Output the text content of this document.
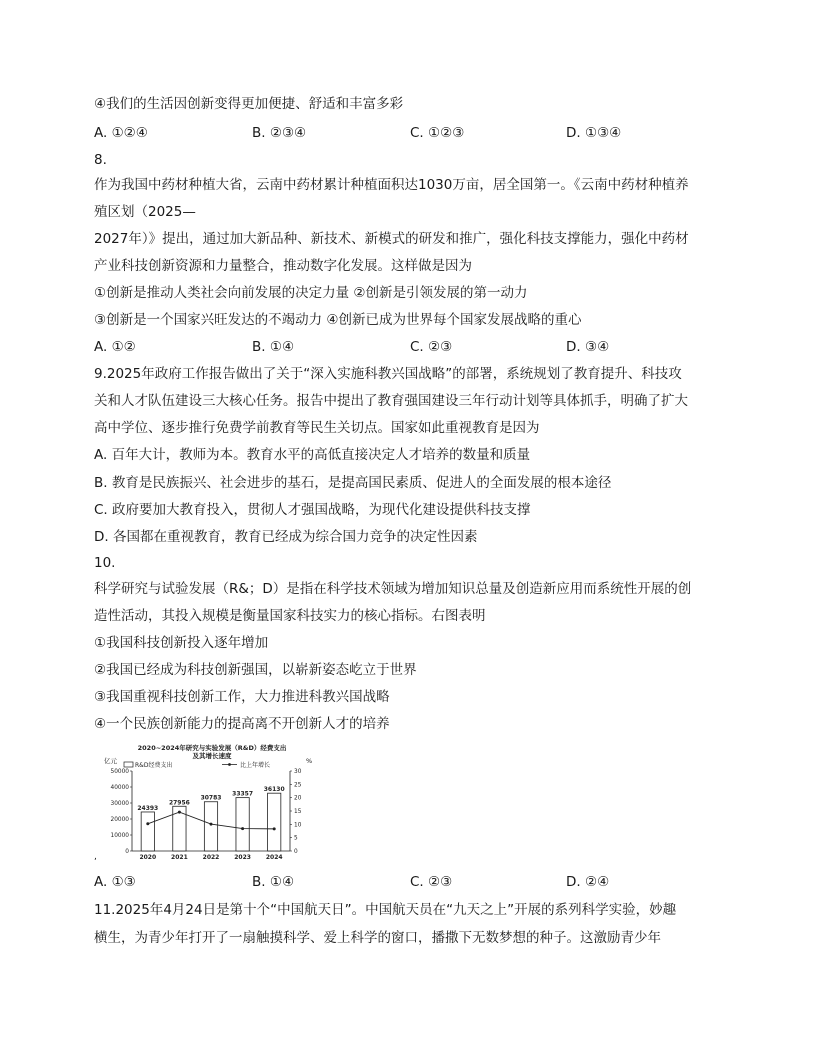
④我们的生活因创新变得更加便捷、舒适和丰富多彩
A. ①②④	B. ②③④	C. ①②③	D. ①③④
8.
作为我国中药材种植大省，云南中药材累计种植面积达1030万亩，居全国第一。《云南中药材种植养
殖区划（2025—
2027年）》提出，通过加大新品种、新技术、新模式的研发和推广，强化科技支撑能力，强化中药材
产业科技创新资源和力量整合，推动数字化发展。这样做是因为
①创新是推动人类社会向前发展的决定力量 ②创新是引领发展的第一动力
③创新是一个国家兴旺发达的不竭动力 ④创新已成为世界每个国家发展战略的重心
A. ①②	B. ①④	C. ②③	D. ③④
9.2025年政府工作报告做出了关于“深入实施科教兴国战略”的部署，系统规划了教育提升、科技攻
关和人才队伍建设三大核心任务。报告中提出了教育强国建设三年行动计划等具体抓手，明确了扩大
高中学位、逐步推行免费学前教育等民生关切点。国家如此重视教育是因为
A. 百年大计，教师为本。教育水平的高低直接决定人才培养的数量和质量
B. 教育是民族振兴、社会进步的基石，是提高国民素质、促进人的全面发展的根本途径
C. 政府要加大教育投入，贯彻人才强国战略，为现代化建设提供科技支撑
D. 各国都在重视教育，教育已经成为综合国力竞争的决定性因素
10.
科学研究与试验发展（R&；D）是指在科学技术领域为增加知识总量及创造新应用而系统性开展的创
造性活动，其投入规模是衡量国家科技实力的核心指标。右图表明
①我国科技创新投入逐年增加
②我国已经成为科技创新强国，以崭新姿态屹立于世界
③我国重视科技创新工作，大力推进科教兴国战略
④一个民族创新能力的提高离不开创新人才的培养
2020~2024年研究与实验发展（R&D）经费支出
及其增长速度
亿元	%
R&D经费支出	比上年增长
0
10000
20000
30000
40000
50000
0
5
10
15
20
25
30
24393
2020
27956
2021
30783
2022
33357
2023
36130
2024
,
A. ①③	B. ①④	C. ②③	D. ②④
11.2025年4月24日是第十个“中国航天日”。中国航天员在“九天之上”开展的系列科学实验，妙趣
横生，为青少年打开了一扇触摸科学、爱上科学的窗口，播撒下无数梦想的种子。这激励青少年
